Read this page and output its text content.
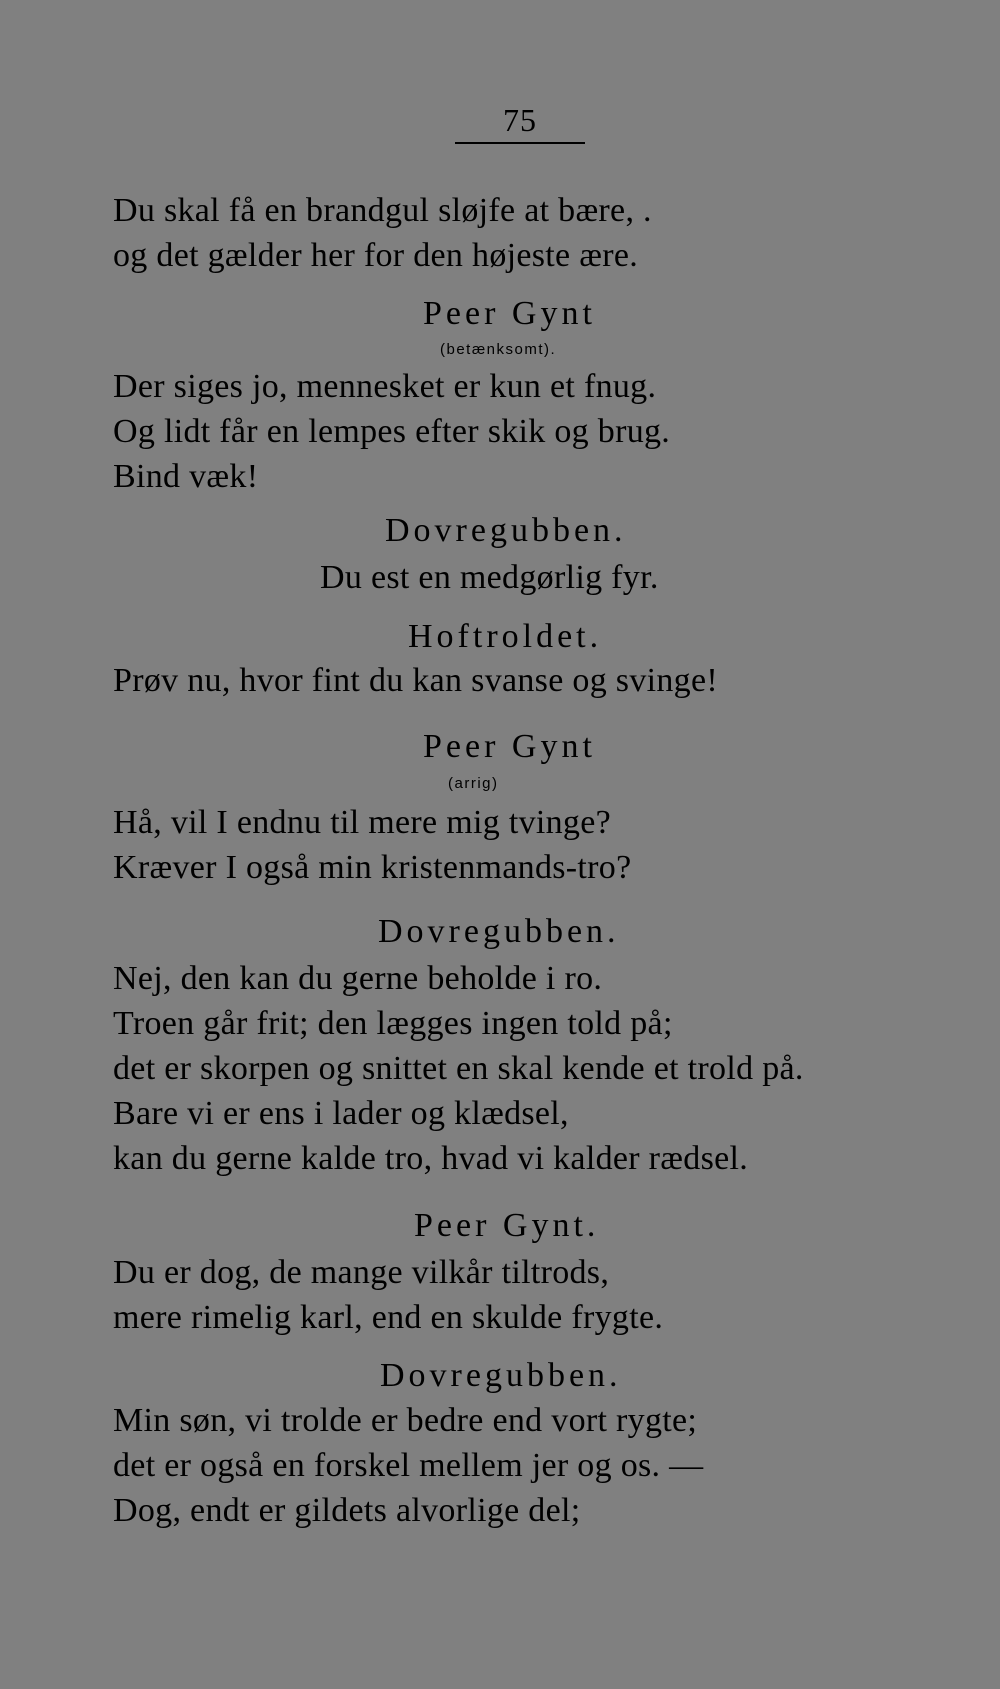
75
Du skal få en brandgul sløjfe at bære, .
og det gælder her for den højeste ære.
Peer Gynt
(betænksomt).
Der siges jo, mennesket er kun et fnug.
Og lidt får en lempes efter skik og brug.
Bind væk!
Dovregubben.
Du est en medgørlig fyr.
Hoftroldet.
Prøv nu, hvor fint du kan svanse og svinge!
Peer Gynt
(arrig)
Hå, vil I endnu til mere mig tvinge?
Kræver I også min kristenmands-tro?
Dovregubben.
Nej, den kan du gerne beholde i ro.
Troen går frit; den lægges ingen told på;
det er skorpen og snittet en skal kende et trold på.
Bare vi er ens i lader og klædsel,
kan du gerne kalde tro, hvad vi kalder rædsel.
Peer Gynt.
Du er dog, de mange vilkår tiltrods,
mere rimelig karl, end en skulde frygte.
Dovregubben.
Min søn, vi trolde er bedre end vort rygte;
det er også en forskel mellem jer og os. —
Dog, endt er gildets alvorlige del;
